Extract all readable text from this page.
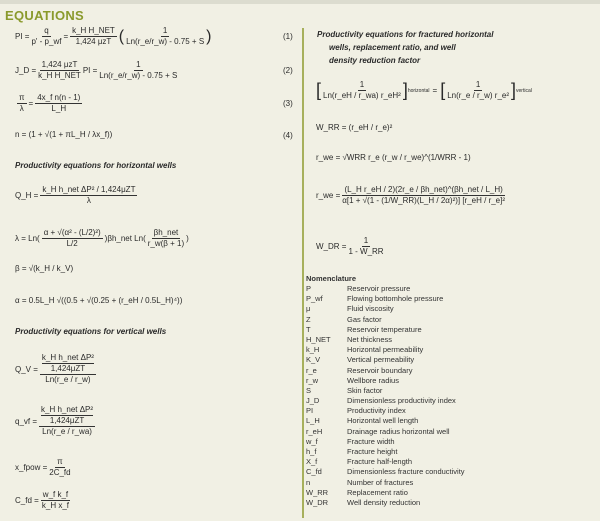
EQUATIONS
PI = $\frac{q}{p' - p\_wf}$ =
k_H H_NET
1,424 μzT ( $\frac{1}{Ln(r\_e/r\_w) - 0.75 + S}$ )	(1)
J_D =
1,424 μzT
k_H H_NET
PI = $\frac{1}{Ln(r\_e/r\_w) - 0.75 + S}$	(2)
$\frac{\pi}{\lambda} = \frac{\text{4x\_f n(n - 1)}}{L\_H}$	(3)
n = (1 + √(1 + πL_H / λx_f))	(4)
Productivity equations for horizontal wells
Q_H =
k_H h_net ΔP² / 1,424μZT
λ
$\lambda = Ln( \frac{\text{α + √(α² - (L/2)²)}}{L/2}$ )βh_net Ln(
βh_net
r_w(β + 1)
)
β = √(k_H / k_V)
α = 0.5L_H √((0.5 + √(0.25 + (r_eH / 0.5L_H)⁴))
Productivity equations for vertical wells
Q_V =
k_H h_net ΔP²
1,424μZT
Ln(r_e / r_w)
q_vf =
k_H h_net ΔP²
1,424μZT
Ln(r_e / r_wa)
x_fpow = $\frac{\pi}{2C\_fd}$
C_fd = $\frac{\text{w\_f k\_f}}{\text{k\_H x\_f}}$
Productivity equations for fractured horizontal
wells, replacement ratio, and well
density reduction factor
[ $\frac{1}{\text{Ln(r\_eH / r\_wa) r\_eH²}}$ ] horizontal = [ $\frac{1}{\text{Ln(r\_e / r\_w) r\_e²}}$ ] vertical
W_RR = (r_eH / r_e)²
r_we = √WRR r_e (r_w / r_we)^(1/WRR - 1)
r_we =
(L_H r_eH / 2)(2r_e / βh_net)^(βh_net / L_H)
α[1 + √(1 - (1/W_RR)(L_H / 2α)²)] [r_eH / r_e]²
W_DR = $\frac{1}{1 - W\_RR}$
Nomenclature
P	Reservoir pressure
P_wf	Flowing bottomhole pressure
μ	Fluid viscosity
Z	Gas factor
T	Reservoir temperature
H_NET	Net thickness
k_H	Horizontal permeability
K_V	Vertical permeability
r_e	Reservoir boundary
r_w	Wellbore radius
S	Skin factor
J_D	Dimensionless productivity index
PI	Productivity index
L_H	Horizontal well length
r_eH	Drainage radius horizontal well
w_f	Fracture width
h_f	Fracture height
X_f	Fracture half-length
C_fd	Dimensionless fracture conductivity
n	Number of fractures
W_RR	Replacement ratio
W_DR	Well density reduction
